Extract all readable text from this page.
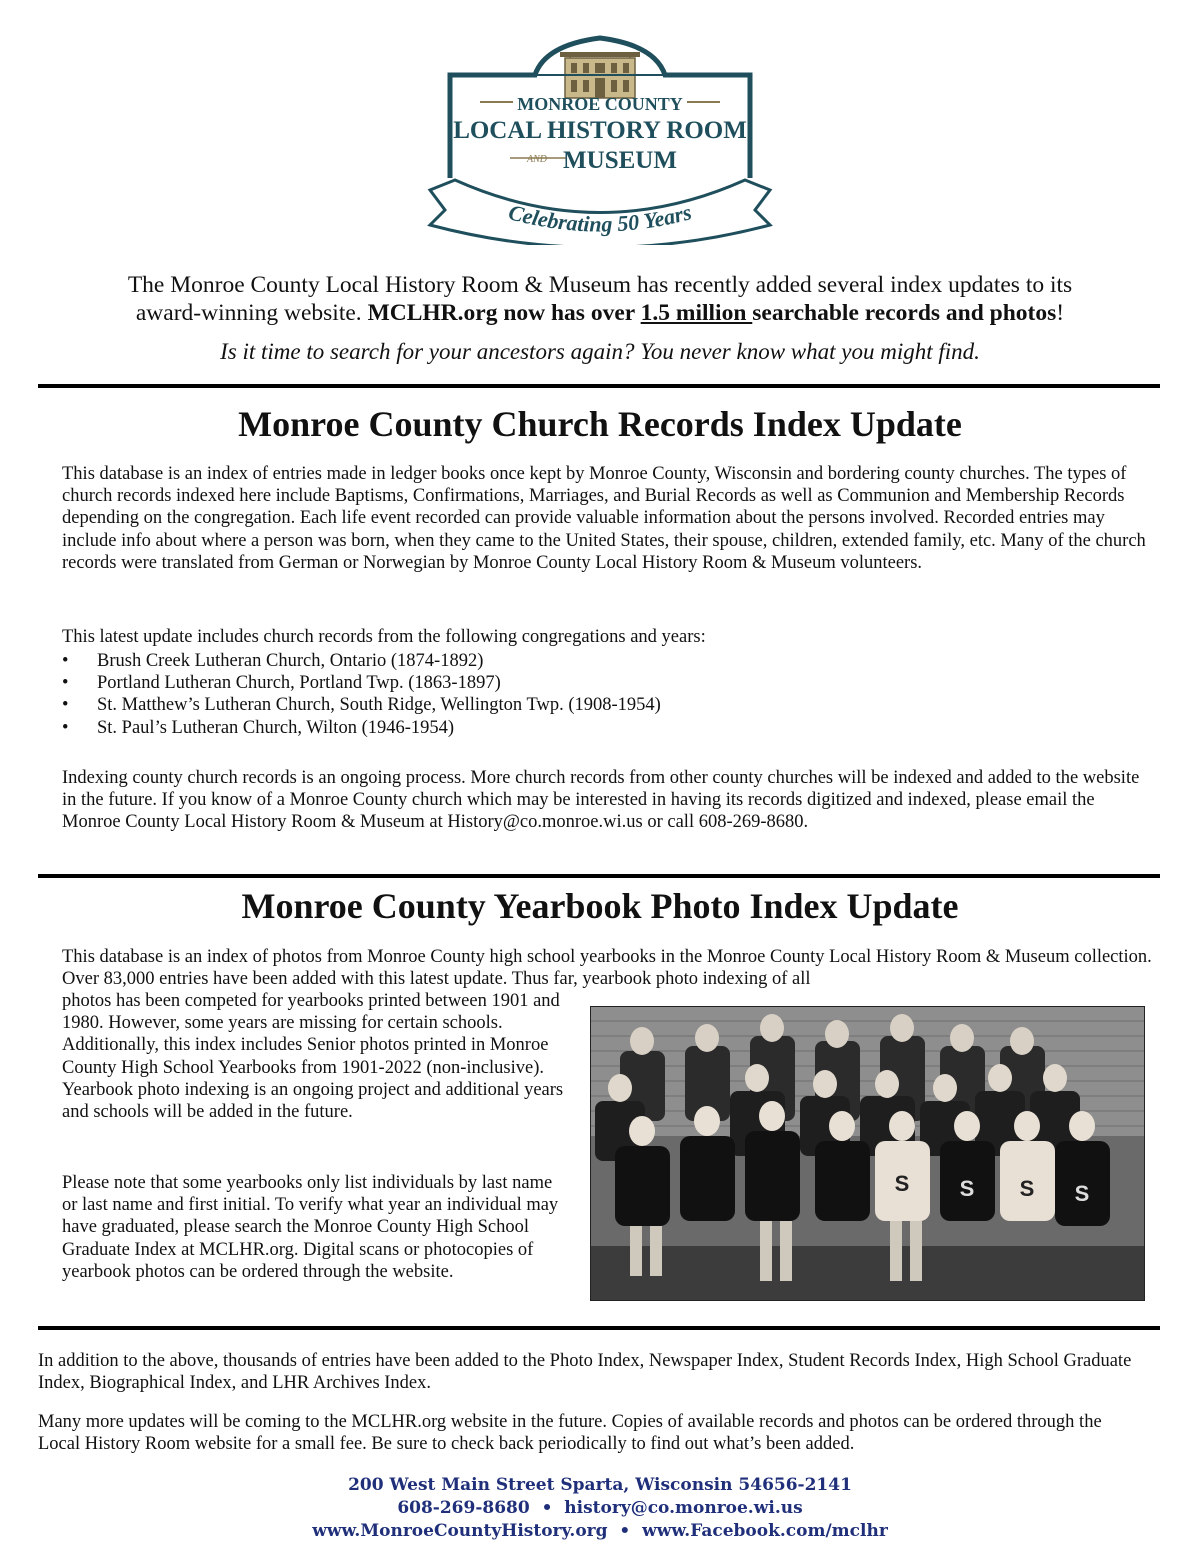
MONROE COUNTY
LOCAL HISTORY ROOM
AND MUSEUM
Celebrating 50 Years
The Monroe County Local History Room & Museum has recently added several index updates to its
award-winning website. MCLHR.org now has over 1.5 million searchable records and photos!
Is it time to search for your ancestors again? You never know what you might find.
Monroe County Church Records Index Update

This database is an index of entries made in ledger books once kept by Monroe County, Wisconsin and bordering county churches. The types of church records indexed here include Baptisms, Confirmations, Marriages, and Burial Records as well as Communion and Membership Records depending on the congregation. Each life event recorded can provide valuable information about the persons involved. Recorded entries may include info about where a person was born, when they came to the United States, their spouse, children, extended family, etc. Many of the church records were translated from German or Norwegian by Monroe County Local History Room & Museum volunteers.

This latest update includes church records from the following congregations and years:

• Brush Creek Lutheran Church, Ontario (1874-1892)
• Portland Lutheran Church, Portland Twp. (1863-1897)
• St. Matthew’s Lutheran Church, South Ridge, Wellington Twp. (1908-1954)
• St. Paul’s Lutheran Church, Wilton (1946-1954)

Indexing county church records is an ongoing process. More church records from other county churches will be indexed and added to the website in the future. If you know of a Monroe County church which may be interested in having its records digitized and indexed, please email the Monroe County Local History Room & Museum at History@co.monroe.wi.us or call 608-269-8680.

Monroe County Yearbook Photo Index Update

This database is an index of photos from Monroe County high school yearbooks in the Monroe County Local History Room & Museum collection. Over 83,000 entries have been added with this latest update. Thus far, yearbook photo indexing of all

photos has been competed for yearbooks printed between 1901 and 1980. However, some years are missing for certain schools. Additionally, this index includes Senior photos printed in Monroe County High School Yearbooks from 1901-2022 (non-inclusive). Yearbook photo indexing is an ongoing project and additional years and schools will be added in the future.

Please note that some yearbooks only list individuals by last name or last name and first initial. To verify what year an individual may have graduated, please search the Monroe County High School Graduate Index at MCLHR.org. Digital scans or photocopies of yearbook photos can be ordered through the website.

S S S S

In addition to the above, thousands of entries have been added to the Photo Index, Newspaper Index, Student Records Index, High School Graduate Index, Biographical Index, and LHR Archives Index.

Many more updates will be coming to the MCLHR.org website in the future. Copies of available records and photos can be ordered through the Local History Room website for a small fee. Be sure to check back periodically to find out what’s been added.

200 West Main Street Sparta, Wisconsin 54656-2141
608-269-8680 • history@co.monroe.wi.us
www.MonroeCountyHistory.org • www.Facebook.com/mclhr
